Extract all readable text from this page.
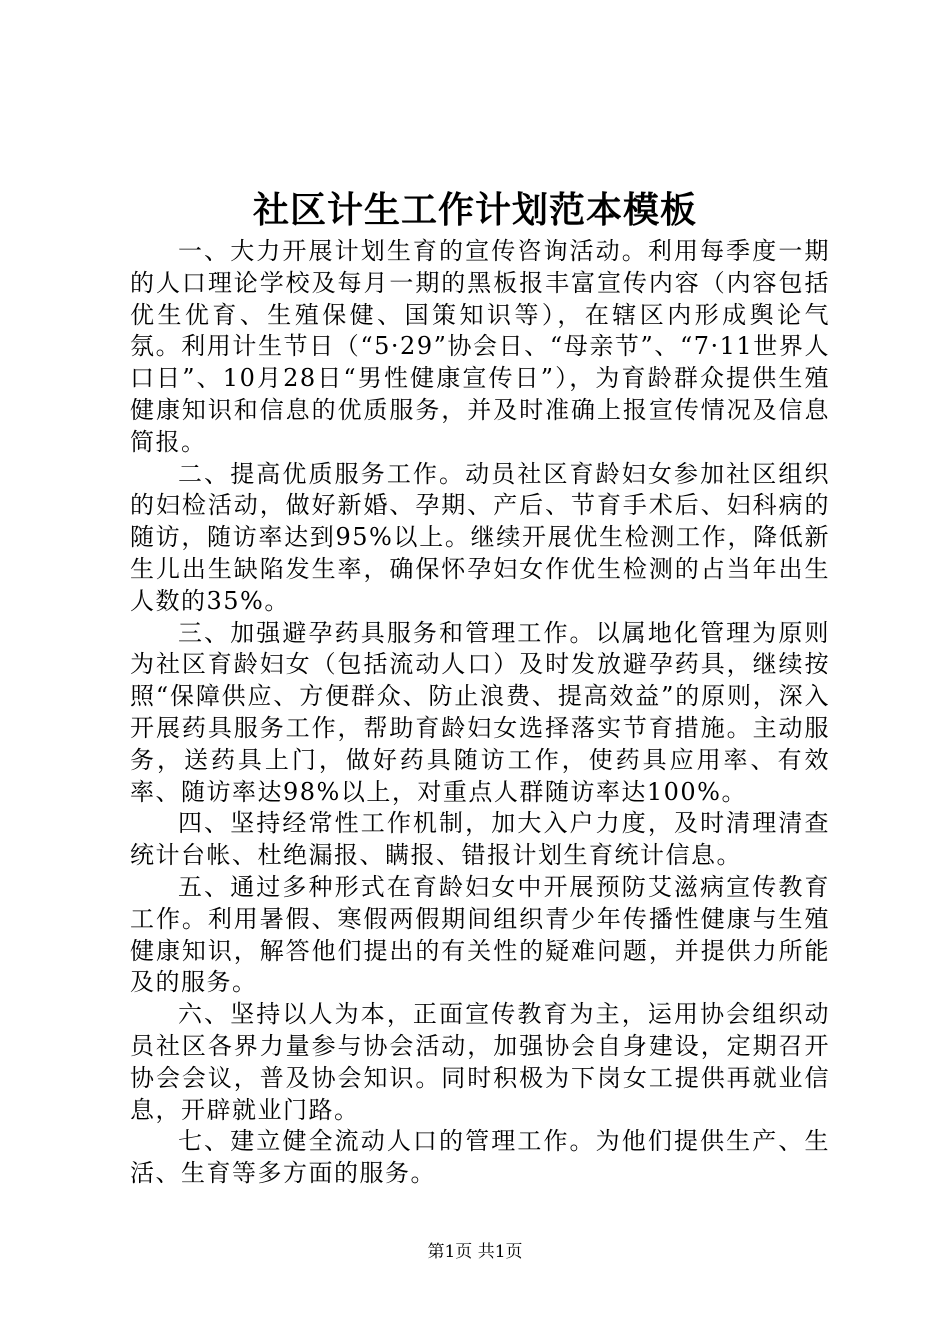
社区计生工作计划范本模板

一、大力开展计划生育的宣传咨询活动。利用每季度一期的人口理论学校及每月一期的黑板报丰富宣传内容（内容包括优生优育、生殖保健、国策知识等），在辖区内形成舆论气氛。利用计生节日（“5·29”协会日、“母亲节”、“7·11世界人口日”、10月28日“男性健康宣传日”），为育龄群众提供生殖健康知识和信息的优质服务，并及时准确上报宣传情况及信息简报。

二、提高优质服务工作。动员社区育龄妇女参加社区组织的妇检活动，做好新婚、孕期、产后、节育手术后、妇科病的随访，随访率达到95%以上。继续开展优生检测工作，降低新生儿出生缺陷发生率，确保怀孕妇女作优生检测的占当年出生人数的35%。

三、加强避孕药具服务和管理工作。以属地化管理为原则为社区育龄妇女（包括流动人口）及时发放避孕药具，继续按照“保障供应、方便群众、防止浪费、提高效益”的原则，深入开展药具服务工作，帮助育龄妇女选择落实节育措施。主动服务，送药具上门，做好药具随访工作，使药具应用率、有效率、随访率达98%以上，对重点人群随访率达100%。

四、坚持经常性工作机制，加大入户力度，及时清理清查统计台帐、杜绝漏报、瞒报、错报计划生育统计信息。

五、通过多种形式在育龄妇女中开展预防艾滋病宣传教育工作。利用暑假、寒假两假期间组织青少年传播性健康与生殖健康知识，解答他们提出的有关性的疑难问题，并提供力所能及的服务。

六、坚持以人为本，正面宣传教育为主，运用协会组织动员社区各界力量参与协会活动，加强协会自身建设，定期召开协会会议，普及协会知识。同时积极为下岗女工提供再就业信息，开辟就业门路。

七、建立健全流动人口的管理工作。为他们提供生产、生活、生育等多方面的服务。

第1页 共1页
